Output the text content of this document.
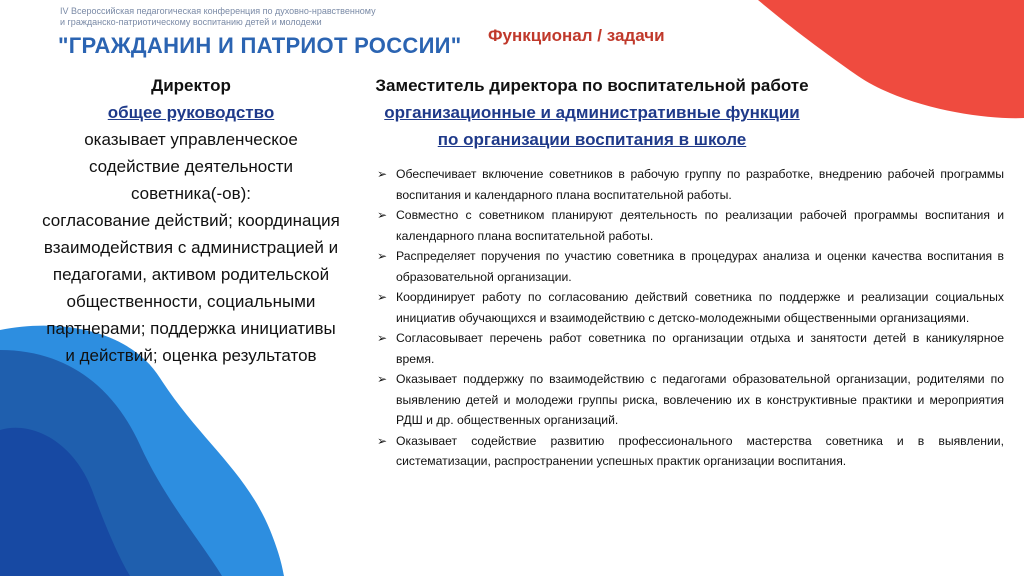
IV Всероссийская педагогическая конференция по духовно-нравственному
и гражданско-патриотическому воспитанию детей и молодежи
"ГРАЖДАНИН И ПАТРИОТ РОССИИ" Функционал / задачи
Директор
общее руководство
оказывает управленческое
содействие деятельности
советника(-ов):
согласование действий; координация
взаимодействия с администрацией и
педагогами, активом родительской
общественности, социальными
партнерами; поддержка инициативы
и действий; оценка результатов
Заместитель директора по воспитательной работе
организационные и административные функции
по организации воспитания в школе
➢ Обеспечивает включение советников в рабочую группу по разработке, внедрению рабочей программы воспитания и календарного плана воспитательной работы.
➢ Совместно с советником планируют деятельность по реализации рабочей программы воспитания и календарного плана воспитательной работы.
➢ Распределяет поручения по участию советника в процедурах анализа и оценки качества воспитания в образовательной организации.
➢ Координирует работу по согласованию действий советника по поддержке и реализации социальных инициатив обучающихся и взаимодействию с детско-молодежными общественными организациями.
➢ Согласовывает перечень работ советника по организации отдыха и занятости детей в каникулярное время.
➢ Оказывает поддержку по взаимодействию с педагогами образовательной организации, родителями по выявлению детей и молодежи группы риска, вовлечению их в конструктивные практики и мероприятия РДШ и др. общественных организаций.
➢ Оказывает содействие развитию профессионального мастерства советника и в выявлении, систематизации, распространении успешных практик организации воспитания.
